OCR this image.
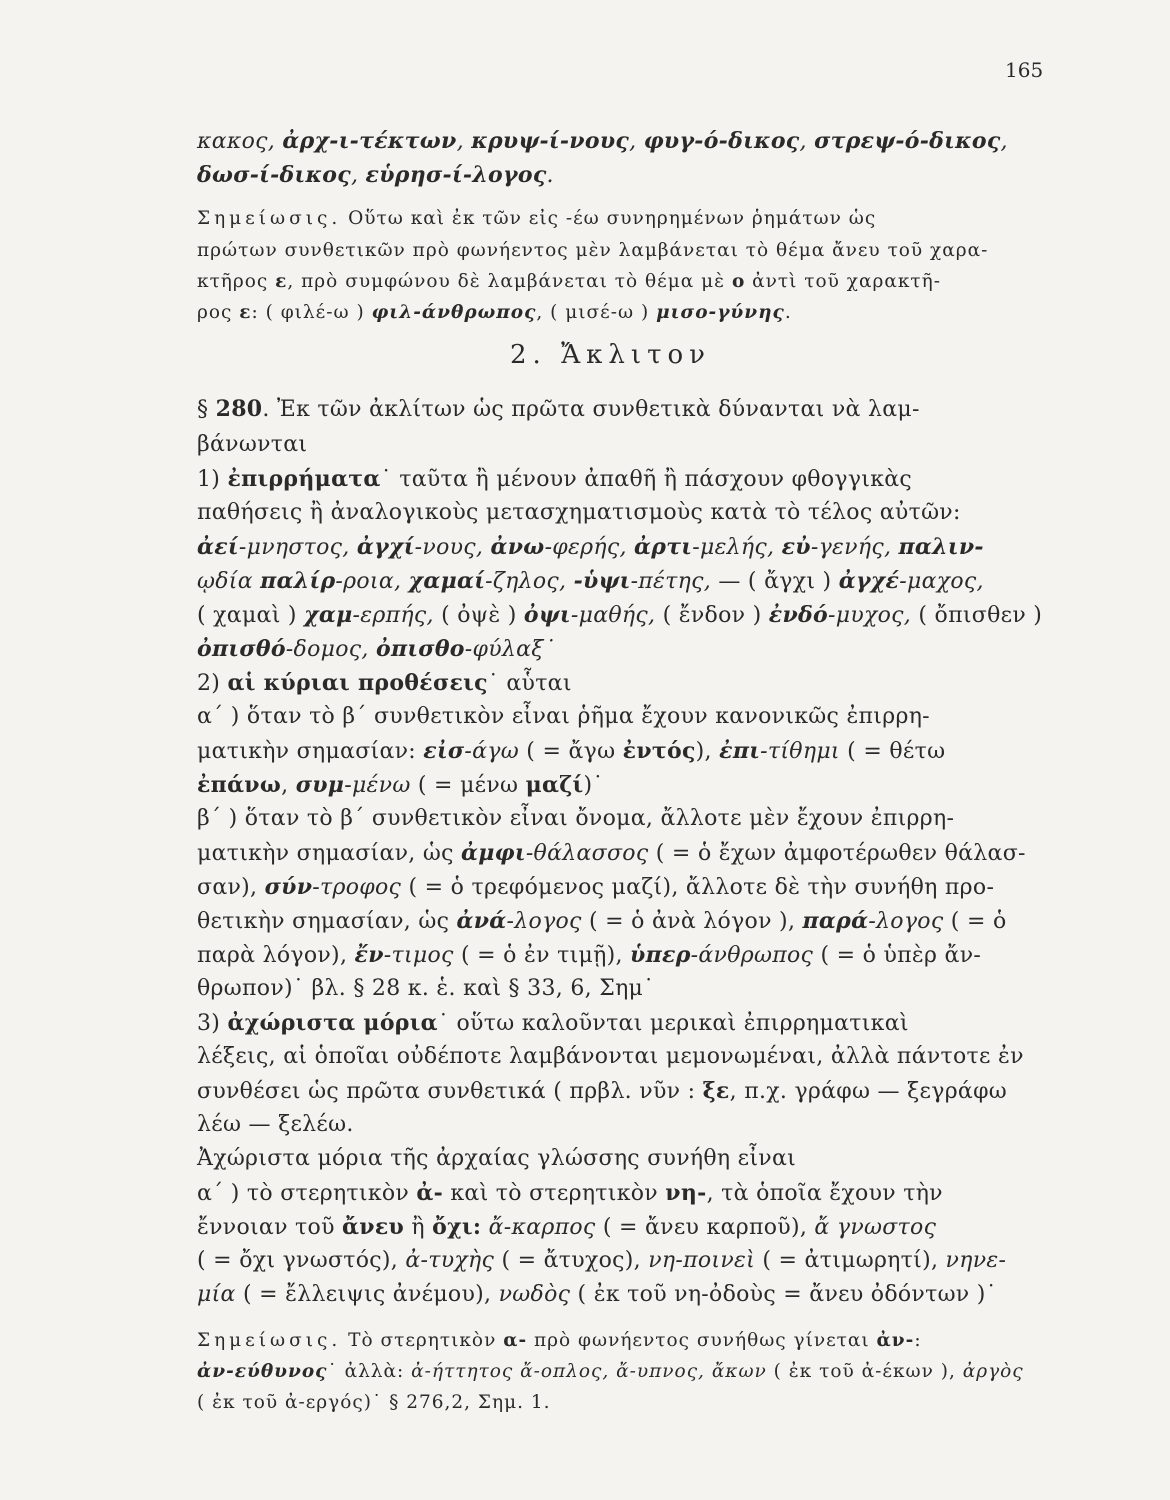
165
2. Ἄκλιτον
κακος, ἀρχ-ι-τέκτων, κρυψ-ί-νους, φυγ-ό-δικος, στρεψ-ό-δικος,
δωσ-ί-δικος, εὑρησ-ί-λογος.
Σημείωσις. Οὕτω καὶ ἐκ τῶν εἰς -έω συνηρημένων ῥημάτων ὡς
πρώτων συνθετικῶν πρὸ φωνήεντος μὲν λαμβάνεται τὸ θέμα ἄνευ τοῦ χαρα-
κτῆρος ε, πρὸ συμφώνου δὲ λαμβάνεται τὸ θέμα μὲ ο ἀντὶ τοῦ χαρακτῆ-
ρος ε: ( φιλέ-ω ) φιλ-άνθρωπος, ( μισέ-ω ) μισο-γύνης.
§ 280. Ἐκ τῶν ἀκλίτων ὡς πρῶτα συνθετικὰ δύνανται νὰ λαμ-
βάνωνται
1) ἐπιρρήματα˙ ταῦτα ἢ μένουν ἀπαθῆ ἢ πάσχουν φθογγικὰς
παθήσεις ἢ ἀναλογικοὺς μετασχηματισμοὺς κατὰ τὸ τέλος αὐτῶν:
ἀεί-μνηστος, ἀγχί-νους, ἀνω-φερής, ἀρτι-μελής, εὐ-γενής, παλιν-
ῳδία παλίρ-ροια, χαμαί-ζηλος, -ὑψι-πέτης, — ( ἄγχι ) ἀγχέ-μαχος,
( χαμαὶ ) χαμ-ερπής, ( ὀψὲ ) ὀψι-μαθής, ( ἔνδον ) ἐνδό-μυχος, ( ὄπισθεν )
ὀπισθό-δομος, ὀπισθο-φύλαξ˙
2) αἱ κύριαι προθέσεις˙ αὗται
α΄ ) ὅταν τὸ β΄ συνθετικὸν εἶναι ῥῆμα ἔχουν κανονικῶς ἐπιρρη-
ματικὴν σημασίαν: εἰσ-άγω ( = ἄγω ἐντός), ἐπι-τίθημι ( = θέτω
ἐπάνω, συμ-μένω ( = μένω μαζί)˙
β΄ ) ὅταν τὸ β΄ συνθετικὸν εἶναι ὄνομα, ἄλλοτε μὲν ἔχουν ἐπιρρη-
ματικὴν σημασίαν, ὡς ἀμφι-θάλασσος ( = ὁ ἔχων ἀμφοτέρωθεν θάλασ-
σαν), σύν-τροφος ( = ὁ τρεφόμενος μαζί), ἄλλοτε δὲ τὴν συνήθη προ-
θετικὴν σημασίαν, ὡς ἀνά-λογος ( = ὁ ἀνὰ λόγον ), παρά-λογος ( = ὁ
παρὰ λόγον), ἔν-τιμος ( = ὁ ἐν τιμῇ), ὑπερ-άνθρωπος ( = ὁ ὑπὲρ ἄν-
θρωπον)˙ βλ. § 28 κ. ἑ. καὶ § 33, 6, Σημ˙
3) ἀχώριστα μόρια˙ οὕτω καλοῦνται μερικαὶ ἐπιρρηματικαὶ
λέξεις, αἱ ὁποῖαι οὐδέποτε λαμβάνονται μεμονωμέναι, ἀλλὰ πάντοτε ἐν
συνθέσει ὡς πρῶτα συνθετικά ( πρβλ. νῦν : ξε, π.χ. γράφω — ξεγράφω
λέω — ξελέω.
Ἀχώριστα μόρια τῆς ἀρχαίας γλώσσης συνήθη εἶναι
α΄ ) τὸ στερητικὸν ἀ- καὶ τὸ στερητικὸν νη-, τὰ ὁποῖα ἔχουν τὴν
ἔννοιαν τοῦ ἄνευ ἢ ὄχι: ἄ-καρπος ( = ἄνευ καρποῦ), ἄ γνωστος
( = ὄχι γνωστός), ἀ-τυχὴς ( = ἄτυχος), νη-ποινεὶ ( = ἀτιμωρητί), νηνε-
μία ( = ἔλλειψις ἀνέμου), νωδὸς ( ἐκ τοῦ νη-ὀδοὺς = ἄνευ ὀδόντων )˙
Σημείωσις. Τὸ στερητικὸν α- πρὸ φωνήεντος συνήθως γίνεται ἀν-:
ἀν-εύθυνος˙ ἀλλὰ: ἀ-ήττητος ἄ-οπλος, ἄ-υπνος, ἄκων ( ἐκ τοῦ ἀ-έκων ), ἀργὸς
( ἐκ τοῦ ἀ-εργός)˙ § 276,2, Σημ. 1.
